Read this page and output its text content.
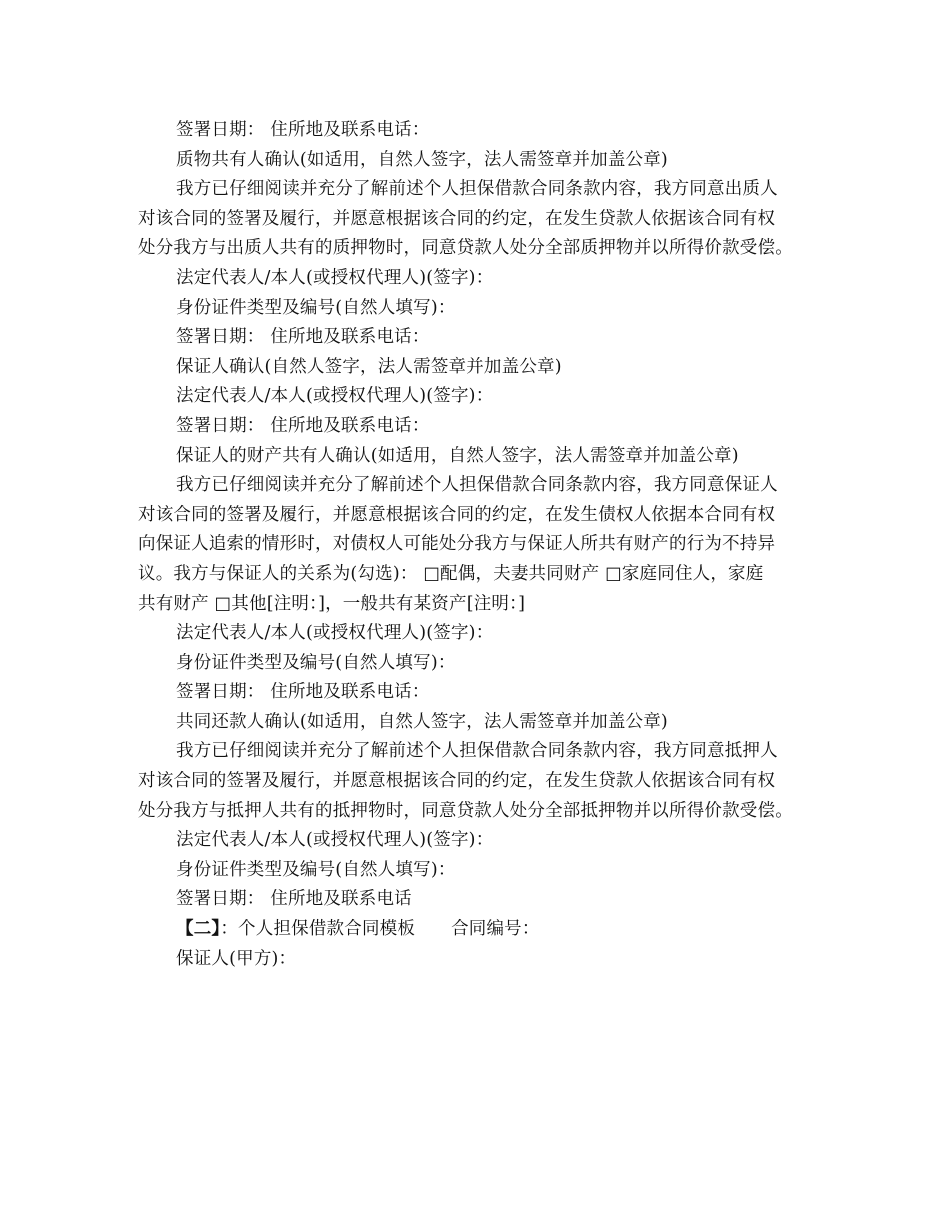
签署日期： 住所地及联系电话：
质物共有人确认(如适用，自然人签字，法人需签章并加盖公章)
我方已仔细阅读并充分了解前述个人担保借款合同条款内容，我方同意出质人
对该合同的签署及履行，并愿意根据该合同的约定，在发生贷款人依据该合同有权
处分我方与出质人共有的质押物时，同意贷款人处分全部质押物并以所得价款受偿。
法定代表人/本人(或授权代理人)(签字)：
身份证件类型及编号(自然人填写)：
签署日期： 住所地及联系电话：
保证人确认(自然人签字，法人需签章并加盖公章)
法定代表人/本人(或授权代理人)(签字)：
签署日期： 住所地及联系电话：
保证人的财产共有人确认(如适用，自然人签字，法人需签章并加盖公章)
我方已仔细阅读并充分了解前述个人担保借款合同条款内容，我方同意保证人
对该合同的签署及履行，并愿意根据该合同的约定，在发生债权人依据本合同有权
向保证人追索的情形时，对债权人可能处分我方与保证人所共有财产的行为不持异
议。我方与保证人的关系为(勾选)： □配偶，夫妻共同财产 □家庭同住人，家庭
共有财产 □其他[注明：]，一般共有某资产[注明：]
法定代表人/本人(或授权代理人)(签字)：
身份证件类型及编号(自然人填写)：
签署日期： 住所地及联系电话：
共同还款人确认(如适用，自然人签字，法人需签章并加盖公章)
我方已仔细阅读并充分了解前述个人担保借款合同条款内容，我方同意抵押人
对该合同的签署及履行，并愿意根据该合同的约定，在发生贷款人依据该合同有权
处分我方与抵押人共有的抵押物时，同意贷款人处分全部抵押物并以所得价款受偿。
法定代表人/本人(或授权代理人)(签字)：
身份证件类型及编号(自然人填写)：
签署日期： 住所地及联系电话
【二】：个人担保借款合同模板 合同编号：
保证人(甲方)：
